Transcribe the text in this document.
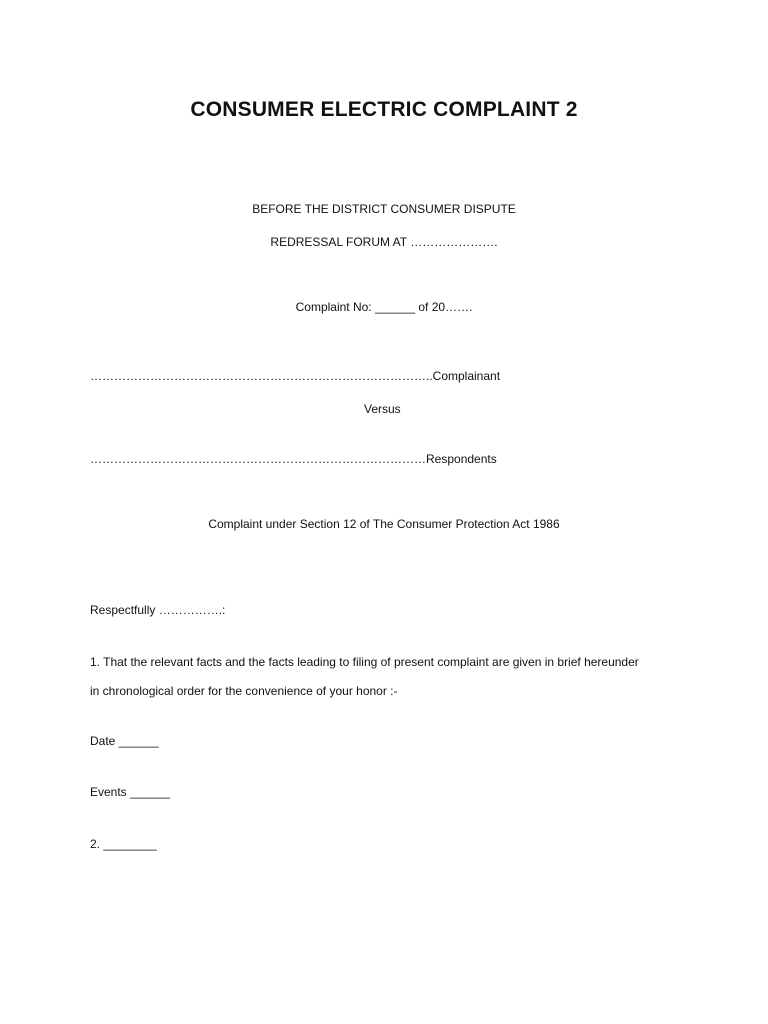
CONSUMER ELECTRIC COMPLAINT 2
BEFORE THE DISTRICT CONSUMER DISPUTE
REDRESSAL FORUM AT ………………….
Complaint No: ______ of 20…….
…………………………………………………………………………..Complainant
Versus
…………………………………………………………………………Respondents
Complaint under Section 12 of The Consumer Protection Act 1986
Respectfully …………….:
1. That the relevant facts and the facts leading to filing of present complaint are given in brief hereunder
in chronological order for the convenience of your honor :-
Date ______
Events ______
2. ________
